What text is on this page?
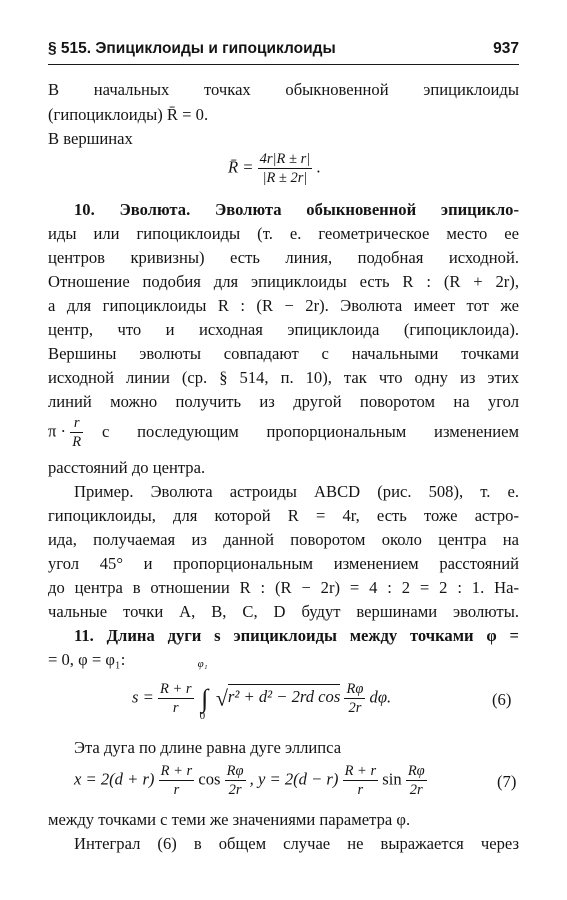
§ 515. Эпициклоиды и гипоциклоиды	937
В начальных точках обыкновенной эпициклоиды
(гипоциклоиды) R̄ = 0.
В вершинах
R̄ = $\frac{4r|R \pm r|}{|R \pm 2r|}$ .
10. Эволюта. Эволюта обыкновенной эпицикло-
иды или гипоциклоиды (т. е. геометрическое место ее
центров кривизны) есть линия, подобная исходной.
Отношение подобия для эпициклоиды есть R : (R + 2r),
а для гипоциклоиды R : (R − 2r). Эволюта имеет тот же
центр, что и исходная эпициклоида (гипоциклоида).
Вершины эволюты совпадают с начальными точками
исходной линии (ср. § 514, п. 10), так что одну из этих
линий можно получить из другой поворотом на угол
$\pi \cdot \frac{r}{R}$ с последующим пропорциональным изменением
расстояний до центра.
Пример. Эволюта астроиды ABCD (рис. 508), т. е.
гипоциклоиды, для которой R = 4r, есть тоже астро-
ида, получаемая из данной поворотом около центра на
угол 45° и пропорциональным изменением расстояний
до центра в отношении R : (R − 2r) = 4 : 2 = 2 : 1. На-
чальные точки A, B, C, D будут вершинами эволюты.
11. Длина дуги s эпициклоиды между точками φ =
= 0, φ = φ₁:
$s = \frac{R + r}{r}$

φ₁
∫
0
√r² + d² − 2rd $\cos \frac{R\varphi}{2r} d\varphi$.	(6)
Эта дуга по длине равна дуге эллипса
$x = 2(d + r) \frac{R + r}{r}$ $\cos \frac{R\varphi}{2r}$ , $y = 2(d - r) \frac{R + r}{r}$ $\sin \frac{R\varphi}{2r}$	(7)
между точками с теми же значениями параметра φ.
Интеграл (6) в общем случае не выражается через
